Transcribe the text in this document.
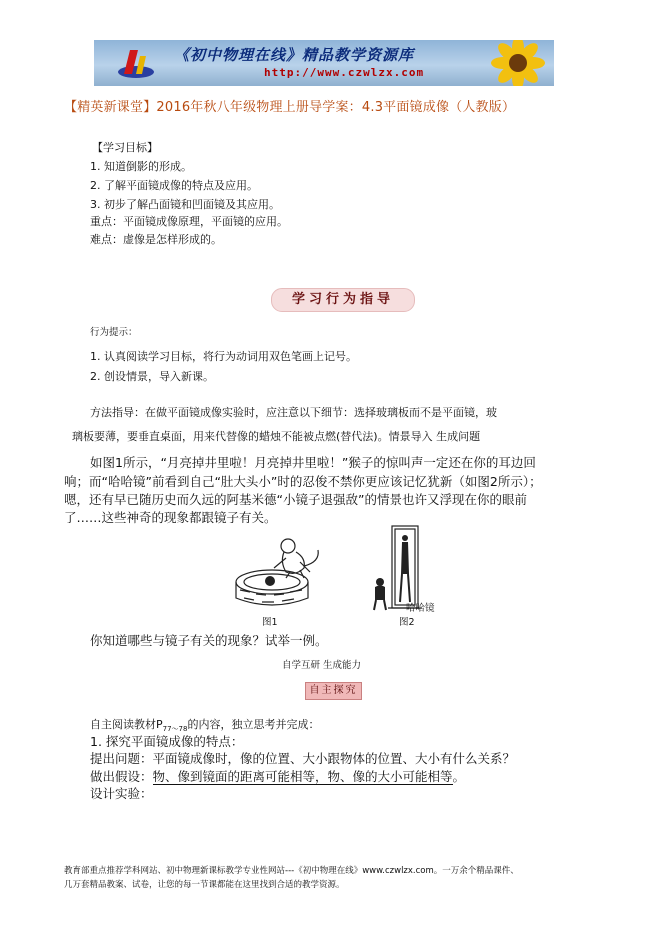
《初中物理在线》精品教学资源库
http://www.czwlzx.com
【精英新课堂】2016年秋八年级物理上册导学案：4.3平面镜成像（人教版）
【学习目标】
1. 知道倒影的形成。
2. 了解平面镜成像的特点及应用。
3. 初步了解凸面镜和凹面镜及其应用。
重点：平面镜成像原理，平面镜的应用。
难点：虚像是怎样形成的。
学习行为指导
行为提示：
1. 认真阅读学习目标，将行为动词用双色笔画上记号。
2. 创设情景，导入新课。
方法指导：在做平面镜成像实验时，应注意以下细节：选择玻璃板而不是平面镜，玻
璃板要薄，要垂直桌面，用来代替像的蜡烛不能被点燃(替代法)。情景导入 生成问题
如图1所示，“月亮掉井里啦！月亮掉井里啦！”猴子的惊叫声一定还在你的耳边回
响；而“哈哈镜”前看到自己“肚大头小”时的忍俊不禁你更应该记忆犹新（如图2所示）；
嗯，还有早已随历史而久远的阿基米德“小镜子退强敌”的情景也许又浮现在你的眼前
了……这些神奇的现象都跟镜子有关。
图1
哈哈镜
图2
你知道哪些与镜子有关的现象？试举一例。
自学互研 生成能力
自主探究
自主阅读教材$P_{77\sim 78}$的内容，独立思考并完成：
1. 探究平面镜成像的特点：
提出问题：平面镜成像时，像的位置、大小跟物体的位置、大小有什么关系？
做出假设：物、像到镜面的距离可能相等，物、像的大小可能相等。
设计实验：
教育部重点推荐学科网站、初中物理新课标教学专业性网站---《初中物理在线》www.czwlzx.com。一万余个精品课件、
几万套精品教案、试卷，让您的每一节课都能在这里找到合适的教学资源。
